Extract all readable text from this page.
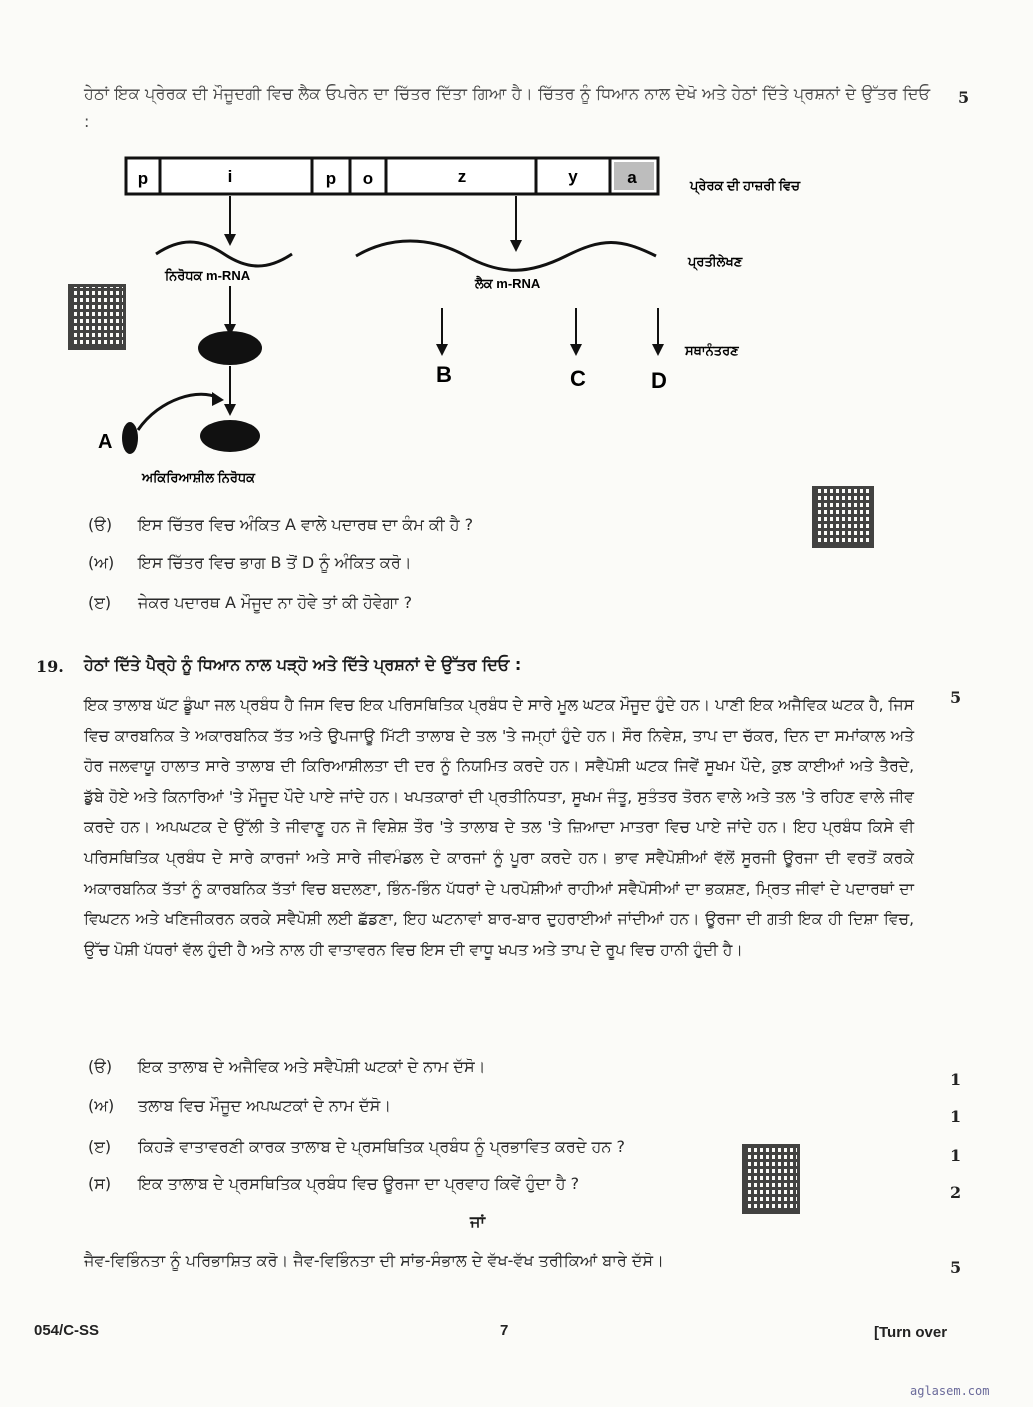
ਹੇਠਾਂ ਇਕ ਪ੍ਰੇਰਕ ਦੀ ਮੌਜੂਦਗੀ ਵਿਚ ਲੈਕ ਓਪਰੇਨ ਦਾ ਚਿੱਤਰ ਦਿੱਤਾ ਗਿਆ ਹੈ। ਚਿੱਤਰ ਨੂੰ ਧਿਆਨ ਨਾਲ ਦੇਖੋ ਅਤੇ ਹੇਠਾਂ ਦਿੱਤੇ ਪ੍ਰਸ਼ਨਾਂ ਦੇ ਉੱਤਰ ਦਿਓ :
5
p	i	p o	z	y	a	ਪ੍ਰੇਰਕ ਦੀ ਹਾਜ਼ਰੀ ਵਿਚ
ਨਿਰੋਧਕ m-RNA
ਲੈਕ m-RNA
ਪ੍ਰਤੀਲੇਖਣ
ਸਥਾਨੰਤਰਣ
B	C	D
A
ਅਕਿਰਿਆਸ਼ੀਲ ਨਿਰੋਧਕ
(ੳ) ਇਸ ਚਿੱਤਰ ਵਿਚ ਅੰਕਿਤ A ਵਾਲੇ ਪਦਾਰਥ ਦਾ ਕੰਮ ਕੀ ਹੈ ?
(ਅ) ਇਸ ਚਿੱਤਰ ਵਿਚ ਭਾਗ B ਤੋਂ D ਨੂੰ ਅੰਕਿਤ ਕਰੋ।
(ੲ) ਜੇਕਰ ਪਦਾਰਥ A ਮੌਜੂਦ ਨਾ ਹੋਵੇ ਤਾਂ ਕੀ ਹੋਵੇਗਾ ?
19. ਹੇਠਾਂ ਦਿੱਤੇ ਪੈਰ੍ਹੇ ਨੂੰ ਧਿਆਨ ਨਾਲ ਪੜ੍ਹੋ ਅਤੇ ਦਿੱਤੇ ਪ੍ਰਸ਼ਨਾਂ ਦੇ ਉੱਤਰ ਦਿਓ :
5
ਇਕ ਤਾਲਾਬ ਘੱਟ ਡੂੰਘਾ ਜਲ ਪ੍ਰਬੰਧ ਹੈ ਜਿਸ ਵਿਚ ਇਕ ਪਰਿਸਥਿਤਿਕ ਪ੍ਰਬੰਧ ਦੇ ਸਾਰੇ ਮੂਲ ਘਟਕ ਮੌਜੂਦ ਹੁੰਦੇ ਹਨ। ਪਾਣੀ ਇਕ ਅਜੈਵਿਕ ਘਟਕ ਹੈ, ਜਿਸ ਵਿਚ ਕਾਰਬਨਿਕ ਤੇ ਅਕਾਰਬਨਿਕ ਤੱਤ ਅਤੇ ਉਪਜਾਊ ਮਿੱਟੀ ਤਾਲਾਬ ਦੇ ਤਲ 'ਤੇ ਜਮ੍ਹਾਂ ਹੁੰਦੇ ਹਨ। ਸੌਰ ਨਿਵੇਸ਼, ਤਾਪ ਦਾ ਚੱਕਰ, ਦਿਨ ਦਾ ਸਮਾਂਕਾਲ ਅਤੇ ਹੋਰ ਜਲਵਾਯੂ ਹਾਲਾਤ ਸਾਰੇ ਤਾਲਾਬ ਦੀ ਕਿਰਿਆਸ਼ੀਲਤਾ ਦੀ ਦਰ ਨੂੰ ਨਿਯਮਿਤ ਕਰਦੇ ਹਨ। ਸਵੈਪੋਸ਼ੀ ਘਟਕ ਜਿਵੇਂ ਸੂਖਮ ਪੌਦੇ, ਕੁਝ ਕਾਈਆਂ ਅਤੇ ਤੈਰਦੇ, ਡੁੱਬੇ ਹੋਏ ਅਤੇ ਕਿਨਾਰਿਆਂ 'ਤੇ ਮੌਜੂਦ ਪੌਦੇ ਪਾਏ ਜਾਂਦੇ ਹਨ। ਖਪਤਕਾਰਾਂ ਦੀ ਪ੍ਰਤੀਨਿਧਤਾ, ਸੂਖਮ ਜੰਤੂ, ਸੁਤੰਤਰ ਤੋਰਨ ਵਾਲੇ ਅਤੇ ਤਲ 'ਤੇ ਰਹਿਣ ਵਾਲੇ ਜੀਵ ਕਰਦੇ ਹਨ। ਅਪਘਟਕ ਦੇ ਉੱਲੀ ਤੇ ਜੀਵਾਣੂ ਹਨ ਜੋ ਵਿਸ਼ੇਸ਼ ਤੌਰ 'ਤੇ ਤਾਲਾਬ ਦੇ ਤਲ 'ਤੇ ਜ਼ਿਆਦਾ ਮਾਤਰਾ ਵਿਚ ਪਾਏ ਜਾਂਦੇ ਹਨ। ਇਹ ਪ੍ਰਬੰਧ ਕਿਸੇ ਵੀ ਪਰਿਸਥਿਤਿਕ ਪ੍ਰਬੰਧ ਦੇ ਸਾਰੇ ਕਾਰਜਾਂ ਅਤੇ ਸਾਰੇ ਜੀਵਮੰਡਲ ਦੇ ਕਾਰਜਾਂ ਨੂੰ ਪੂਰਾ ਕਰਦੇ ਹਨ। ਭਾਵ ਸਵੈਪੋਸ਼ੀਆਂ ਵੱਲੋਂ ਸੂਰਜੀ ਊਰਜਾ ਦੀ ਵਰਤੋਂ ਕਰਕੇ ਅਕਾਰਬਨਿਕ ਤੱਤਾਂ ਨੂੰ ਕਾਰਬਨਿਕ ਤੱਤਾਂ ਵਿਚ ਬਦਲਣਾ, ਭਿੰਨ-ਭਿੰਨ ਪੱਧਰਾਂ ਦੇ ਪਰਪੋਸ਼ੀਆਂ ਰਾਹੀਆਂ ਸਵੈਪੋਸੀਆਂ ਦਾ ਭਕਸ਼ਣ, ਮ੍ਰਿਤ ਜੀਵਾਂ ਦੇ ਪਦਾਰਥਾਂ ਦਾ ਵਿਘਟਨ ਅਤੇ ਖਣਿਜੀਕਰਨ ਕਰਕੇ ਸਵੈਪੋਸ਼ੀ ਲਈ ਛੱਡਣਾ, ਇਹ ਘਟਨਾਵਾਂ ਬਾਰ-ਬਾਰ ਦੁਹਰਾਈਆਂ ਜਾਂਦੀਆਂ ਹਨ। ਊਰਜਾ ਦੀ ਗਤੀ ਇਕ ਹੀ ਦਿਸ਼ਾ ਵਿਚ, ਉੱਚ ਪੋਸ਼ੀ ਪੱਧਰਾਂ ਵੱਲ ਹੁੰਦੀ ਹੈ ਅਤੇ ਨਾਲ ਹੀ ਵਾਤਾਵਰਨ ਵਿਚ ਇਸ ਦੀ ਵਾਧੂ ਖਪਤ ਅਤੇ ਤਾਪ ਦੇ ਰੂਪ ਵਿਚ ਹਾਨੀ ਹੁੰਦੀ ਹੈ।
(ੳ) ਇਕ ਤਾਲਾਬ ਦੇ ਅਜੈਵਿਕ ਅਤੇ ਸਵੈਪੋਸ਼ੀ ਘਟਕਾਂ ਦੇ ਨਾਮ ਦੱਸੋ।
1
(ਅ) ਤਲਾਬ ਵਿਚ ਮੌਜੂਦ ਅਪਘਟਕਾਂ ਦੇ ਨਾਮ ਦੱਸੋ।
1
(ੲ) ਕਿਹੜੇ ਵਾਤਾਵਰਣੀ ਕਾਰਕ ਤਾਲਾਬ ਦੇ ਪ੍ਰਸਥਿਤਿਕ ਪ੍ਰਬੰਧ ਨੂੰ ਪ੍ਰਭਾਵਿਤ ਕਰਦੇ ਹਨ ?	1
(ਸ) ਇਕ ਤਾਲਾਬ ਦੇ ਪ੍ਰਸਥਿਤਿਕ ਪ੍ਰਬੰਧ ਵਿਚ ਊਰਜਾ ਦਾ ਪ੍ਰਵਾਹ ਕਿਵੇਂ ਹੁੰਦਾ ਹੈ ?	2
ਜਾਂ
ਜੈਵ-ਵਿਭਿੰਨਤਾ ਨੂੰ ਪਰਿਭਾਸ਼ਿਤ ਕਰੋ। ਜੈਵ-ਵਿਭਿੰਨਤਾ ਦੀ ਸਾਂਭ-ਸੰਭਾਲ ਦੇ ਵੱਖ-ਵੱਖ ਤਰੀਕਿਆਂ ਬਾਰੇ ਦੱਸੋ।	5
054/C-SS	7	[Turn over
aglasem.com
